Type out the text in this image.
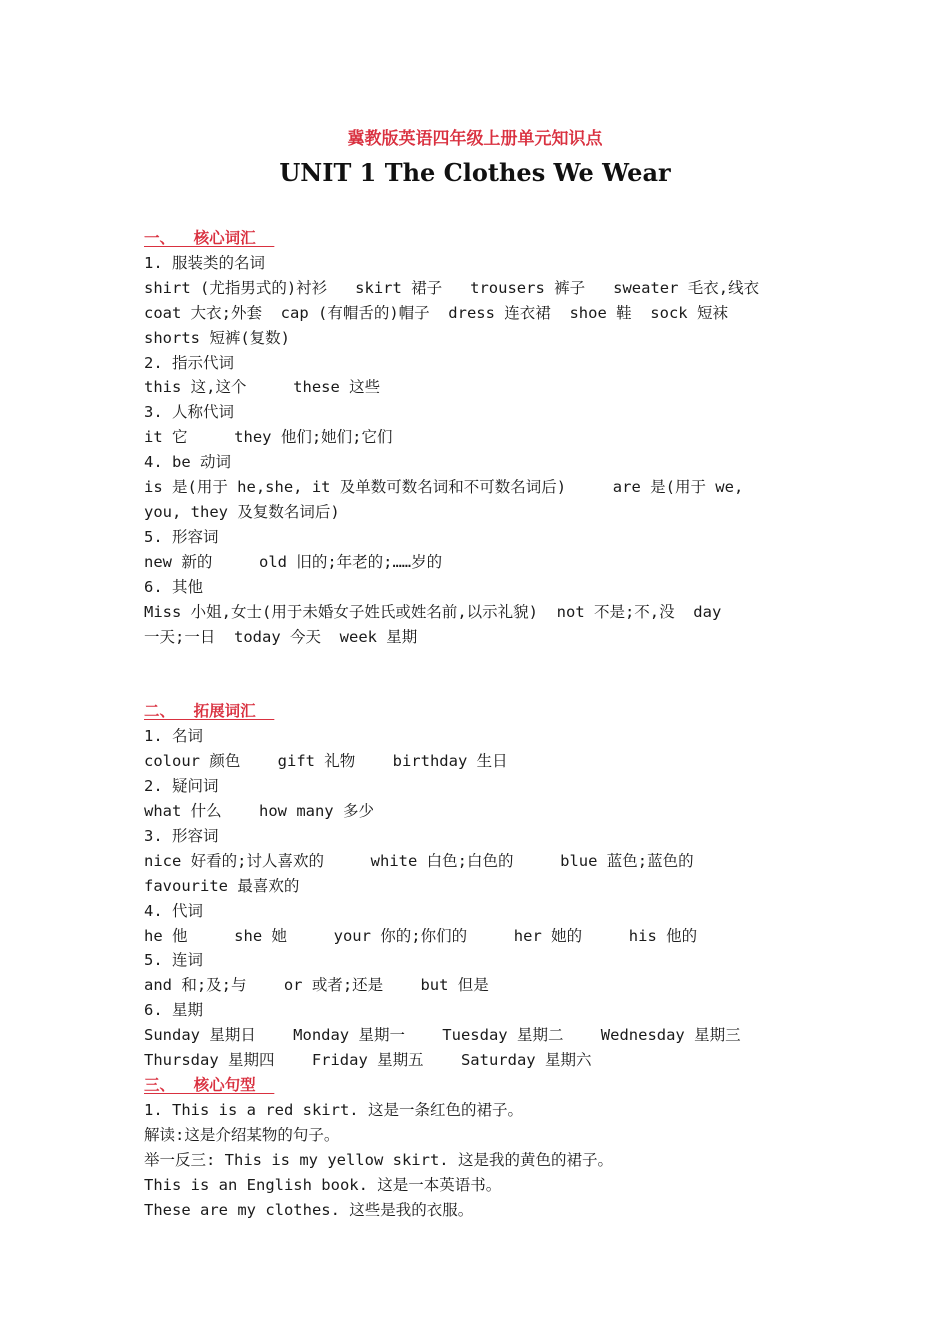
冀教版英语四年级上册单元知识点
UNIT 1 The Clothes We Wear
一、  核心词汇
1. 服装类的名词
shirt (尤指男式的)衬衫   skirt 裙子   trousers 裤子   sweater 毛衣,线衣
coat 大衣;外套  cap (有帽舌的)帽子  dress 连衣裙  shoe 鞋  sock 短袜
shorts 短裤(复数)
2. 指示代词
this 这,这个     these 这些
3. 人称代词
it 它     they 他们;她们;它们
4. be 动词
is 是(用于 he,she, it 及单数可数名词和不可数名词后)     are 是(用于 we,
you, they 及复数名词后)
5. 形容词
new 新的     old 旧的;年老的;……岁的
6. 其他
Miss 小姐,女士(用于未婚女子姓氏或姓名前,以示礼貌)  not 不是;不,没  day
一天;一日  today 今天  week 星期
二、  拓展词汇
1. 名词
colour 颜色    gift 礼物    birthday 生日
2. 疑问词
what 什么    how many 多少
3. 形容词
nice 好看的;讨人喜欢的     white 白色;白色的     blue 蓝色;蓝色的
favourite 最喜欢的
4. 代词
he 他     she 她     your 你的;你们的     her 她的     his 他的
5. 连词
and 和;及;与    or 或者;还是    but 但是
6. 星期
Sunday 星期日    Monday 星期一    Tuesday 星期二    Wednesday 星期三
Thursday 星期四    Friday 星期五    Saturday 星期六
三、  核心句型
1. This is a red skirt. 这是一条红色的裙子。
解读:这是介绍某物的句子。
举一反三: This is my yellow skirt. 这是我的黄色的裙子。
This is an English book. 这是一本英语书。
These are my clothes. 这些是我的衣服。
